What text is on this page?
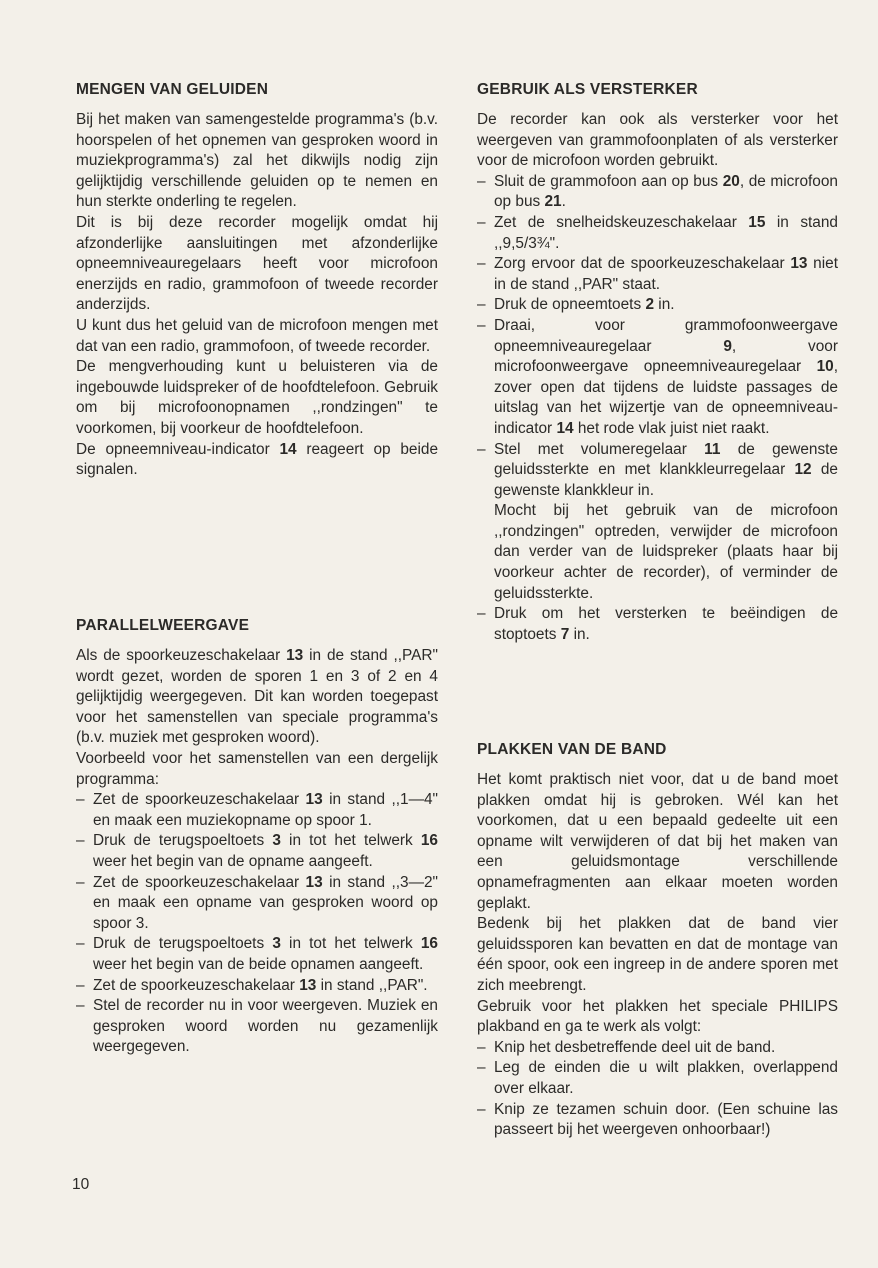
MENGEN VAN GELUIDEN

Bij het maken van samengestelde programma's (b.v. hoorspelen of het opnemen van gesproken woord in muziekprogramma's) zal het dikwijls nodig zijn gelijktijdig verschillende geluiden op te nemen en hun sterkte onderling te regelen.

Dit is bij deze recorder mogelijk omdat hij afzonderlijke aansluitingen met afzonderlijke opneemniveauregelaars heeft voor microfoon enerzijds en radio, grammofoon of tweede recorder anderzijds.

U kunt dus het geluid van de microfoon mengen met dat van een radio, grammofoon, of tweede recorder.

De mengverhouding kunt u beluisteren via de ingebouwde luidspreker of de hoofdtelefoon. Gebruik om bij microfoonopnamen ,,rondzingen" te voorkomen, bij voorkeur de hoofdtelefoon.

De opneemniveau-indicator 14 reageert op beide signalen.

PARALLELWEERGAVE

Als de spoorkeuzeschakelaar 13 in de stand ,,PAR" wordt gezet, worden de sporen 1 en 3 of 2 en 4 gelijktijdig weergegeven. Dit kan worden toegepast voor het samenstellen van speciale programma's (b.v. muziek met gesproken woord).

Voorbeeld voor het samenstellen van een dergelijk programma:

– Zet de spoorkeuzeschakelaar 13 in stand ,,1—4" en maak een muziekopname op spoor 1.
– Druk de terugspoeltoets 3 in tot het telwerk 16 weer het begin van de opname aangeeft.
– Zet de spoorkeuzeschakelaar 13 in stand ,,3—2" en maak een opname van gesproken woord op spoor 3.
– Druk de terugspoeltoets 3 in tot het telwerk 16 weer het begin van de beide opnamen aangeeft.
– Zet de spoorkeuzeschakelaar 13 in stand ,,PAR".
– Stel de recorder nu in voor weergeven. Muziek en gesproken woord worden nu gezamenlijk weergegeven.
GEBRUIK ALS VERSTERKER

De recorder kan ook als versterker voor het weergeven van grammofoonplaten of als versterker voor de microfoon worden gebruikt.

– Sluit de grammofoon aan op bus 20, de microfoon op bus 21.
– Zet de snelheidskeuzeschakelaar 15 in stand ,,9,5/3¾".
– Zorg ervoor dat de spoorkeuzeschakelaar 13 niet in de stand ,,PAR" staat.
– Druk de opneemtoets 2 in.
– Draai, voor grammofoonweergave opneemniveauregelaar 9, voor microfoonweergave opneemniveauregelaar 10, zover open dat tijdens de luidste passages de uitslag van het wijzertje van de opneemniveau-indicator 14 het rode vlak juist niet raakt.
– Stel met volumeregelaar 11 de gewenste geluidssterkte en met klankkleurregelaar 12 de gewenste klankkleur in.
Mocht bij het gebruik van de microfoon ,,rondzingen" optreden, verwijder de microfoon dan verder van de luidspreker (plaats haar bij voorkeur achter de recorder), of verminder de geluidssterkte.
– Druk om het versterken te beëindigen de stoptoets 7 in.
PLAKKEN VAN DE BAND

Het komt praktisch niet voor, dat u de band moet plakken omdat hij is gebroken. Wél kan het voorkomen, dat u een bepaald gedeelte uit een opname wilt verwijderen of dat bij het maken van een geluidsmontage verschillende opnamefragmenten aan elkaar moeten worden geplakt.

Bedenk bij het plakken dat de band vier geluidssporen kan bevatten en dat de montage van één spoor, ook een ingreep in de andere sporen met zich meebrengt.

Gebruik voor het plakken het speciale PHILIPS plakband en ga te werk als volgt:

– Knip het desbetreffende deel uit de band.
– Leg de einden die u wilt plakken, overlappend over elkaar.
– Knip ze tezamen schuin door. (Een schuine las passeert bij het weergeven onhoorbaar!)
10
